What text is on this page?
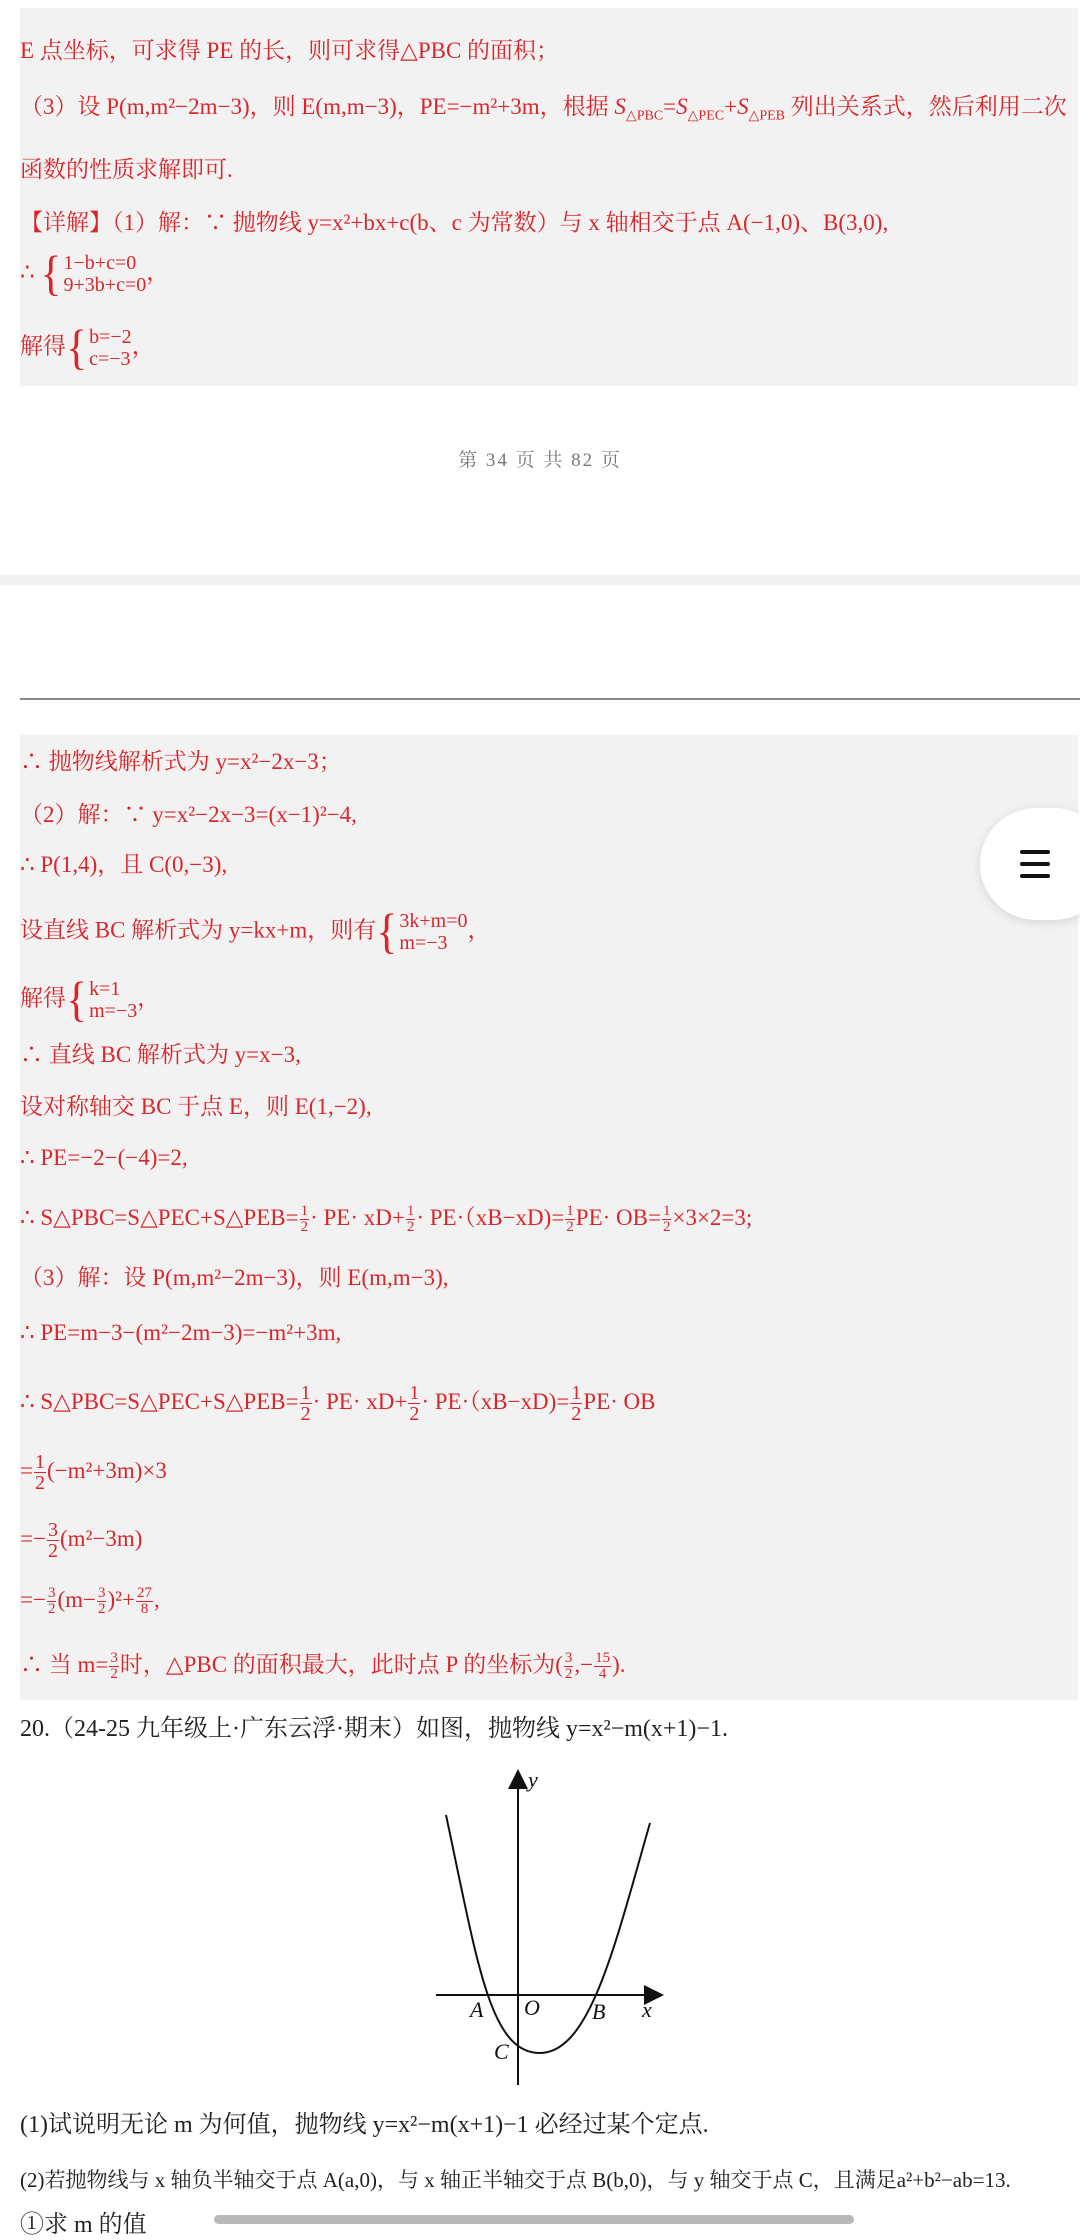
E 点坐标，可求得 PE 的长，则可求得△PBC 的面积；
（3）设 P(m,m²−2m−3)，则 E(m,m−3)，PE=−m²+3m，根据 $S_{\triangle PBC}=S_{\triangle PEC}+S_{\triangle PEB}$ 列出关系式，然后利用二次
函数的性质求解即可.
【详解】（1）解：∵ 抛物线 y=x²+bx+c(b、c 为常数）与 x 轴相交于点 A(−1,0)、B(3,0),
∴ { 1−b+c=0
9+3b+c=0
，
解得{ b=−2
c=−3
，
第 34 页 共 82 页
∴ 抛物线解析式为 y=x²−2x−3；
（2）解：∵ y=x²−2x−3=(x−1)²−4,
∴ P(1,4)，且 C(0,−3),
设直线 BC 解析式为 y=kx+m，则有{ 3k+m=0
m=−3
，
解得{ k=1
m=−3
，
∴ 直线 BC 解析式为 y=x−3,
设对称轴交 BC 于点 E，则 E(1,−2),
∴ PE=−2−(−4)=2,
∴ S△PBC=S△PEC+S△PEB= $\frac{1}{2} \cdot PE\cdot xD+ \frac{1}{2} \cdot PE\cdot(xB-xD)= \frac{1}{2} PE\cdot OB= \frac{1}{2} \times 3\times 2=3$;
（3）解：设 P(m,m²−2m−3)，则 E(m,m−3),
∴ PE=m−3−(m²−2m−3)=−m²+3m,
∴ S△PBC=S△PEC+S△PEB= $\frac{1}{2} \cdot PE\cdot xD+ \frac{1}{2} \cdot PE\cdot(xB-xD)= \frac{1}{2} PE\cdot$ OB
= $\frac{1}{2} (-m^2+3m)\times 3$
=− $\frac{3}{2} (m^2-3m)$
=− $\frac{3}{2} (m- \frac{3}{2} )^2+ \frac{27}{8}$ ,
∴ 当 $m= \frac{3}{2}$ 时，△PBC 的面积最大，此时点 P 的坐标为( $\frac{3}{2}$ ,− $\frac{15}{4}$ ).
20.（24-25 九年级上·广东云浮·期末）如图，抛物线 y=x²−m(x+1)−1.
y
x
A O B
C
(1)试说明无论 m 为何值，抛物线 y=x²−m(x+1)−1 必经过某个定点.
(2)若抛物线与 x 轴负半轴交于点 A(a,0)，与 x 轴正半轴交于点 B(b,0)，与 y 轴交于点 C，且满足a²+b²−ab=13.
①求 m 的值
